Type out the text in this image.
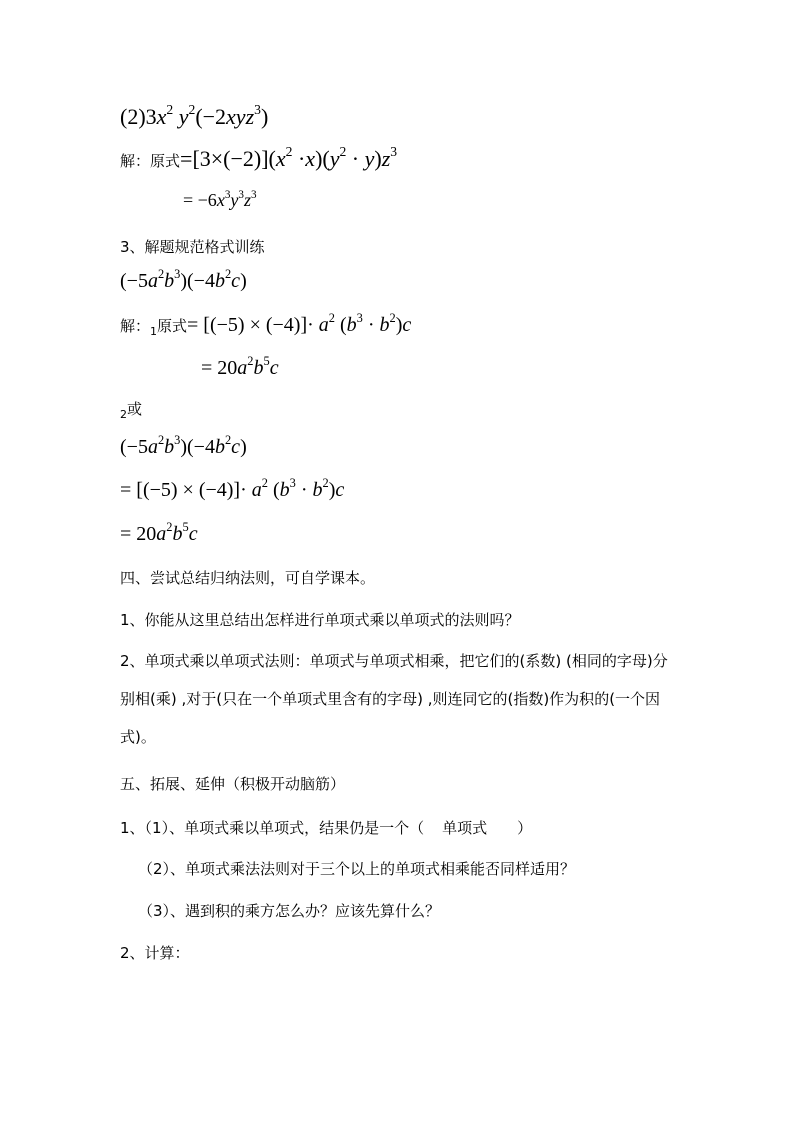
$(2)3x^2$ $y^2(-2xyz^3)$
解：原式$=[3\times(-2)](x^2 \cdot x)(y^2 \cdot y)z^3$
= $-6x^3y^3z^3$
3、解题规范格式训练
$(-5a^2b^3)(-4b^2c)$
解：$_1$原式= $[(-5) \times (-4)]\cdot a^2$ $(b^3 \cdot b^2)c$
= $20a^2b^5c$
$_2$或
$(-5a^2b^3)(-4b^2c)$
= $[(-5) \times (-4)]\cdot a^2$ $(b^3 \cdot b^2)c$
= $20a^2b^5c$
四、尝试总结归纳法则，可自学课本。
1、你能从这里总结出怎样进行单项式乘以单项式的法则吗？
2、单项式乘以单项式法则：单项式与单项式相乘，把它们的(系数) (相同的字母)分别相(乘) ,对于(只在一个单项式里含有的字母) ,则连同它的(指数)作为积的(一个因式)。
五、拓展、延伸（积极开动脑筋）
1、（1）、单项式乘以单项式，结果仍是一个（ 单项式 ）
（2）、单项式乘法法则对于三个以上的单项式相乘能否同样适用？
（3）、遇到积的乘方怎么办？应该先算什么？
2、计算：
